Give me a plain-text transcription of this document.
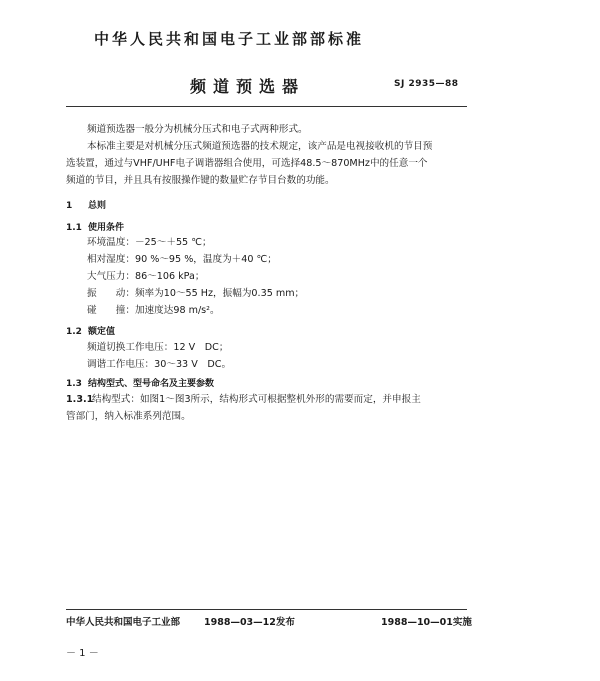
中华人民共和国电子工业部部标准
频道预选器	SJ 2935—88
频道预选器一般分为机械分压式和电子式两种形式。
本标准主要是对机械分压式频道预选器的技术规定，该产品是电视接收机的节目预
选装置，通过与VHF/UHF电子调谐器组合使用，可选择48.5～870MHz中的任意一个
频道的节目，并且具有按服操作键的数量贮存节目台数的功能。
1 总则
1.1 使用条件
环境温度：－25～＋55 ℃；
相对湿度：90 %～95 %，温度为＋40 ℃；
大气压力：86～106 kPa；
振　　动：频率为10～55 Hz，振幅为0.35 mm；
碰　　撞：加速度达98 m/s²。
1.2 额定值
频道切换工作电压：12 V　DC；
调谐工作电压：30～33 V　DC。
1.3 结构型式、型号命名及主要参数
1.3.1结构型式：如图1～图3所示，结构形式可根据整机外形的需要而定，并申报主
管部门，纳入标准系列范围。
中华人民共和国电子工业部	1988—03—12发布	1988—10—01实施
－ 1 －
